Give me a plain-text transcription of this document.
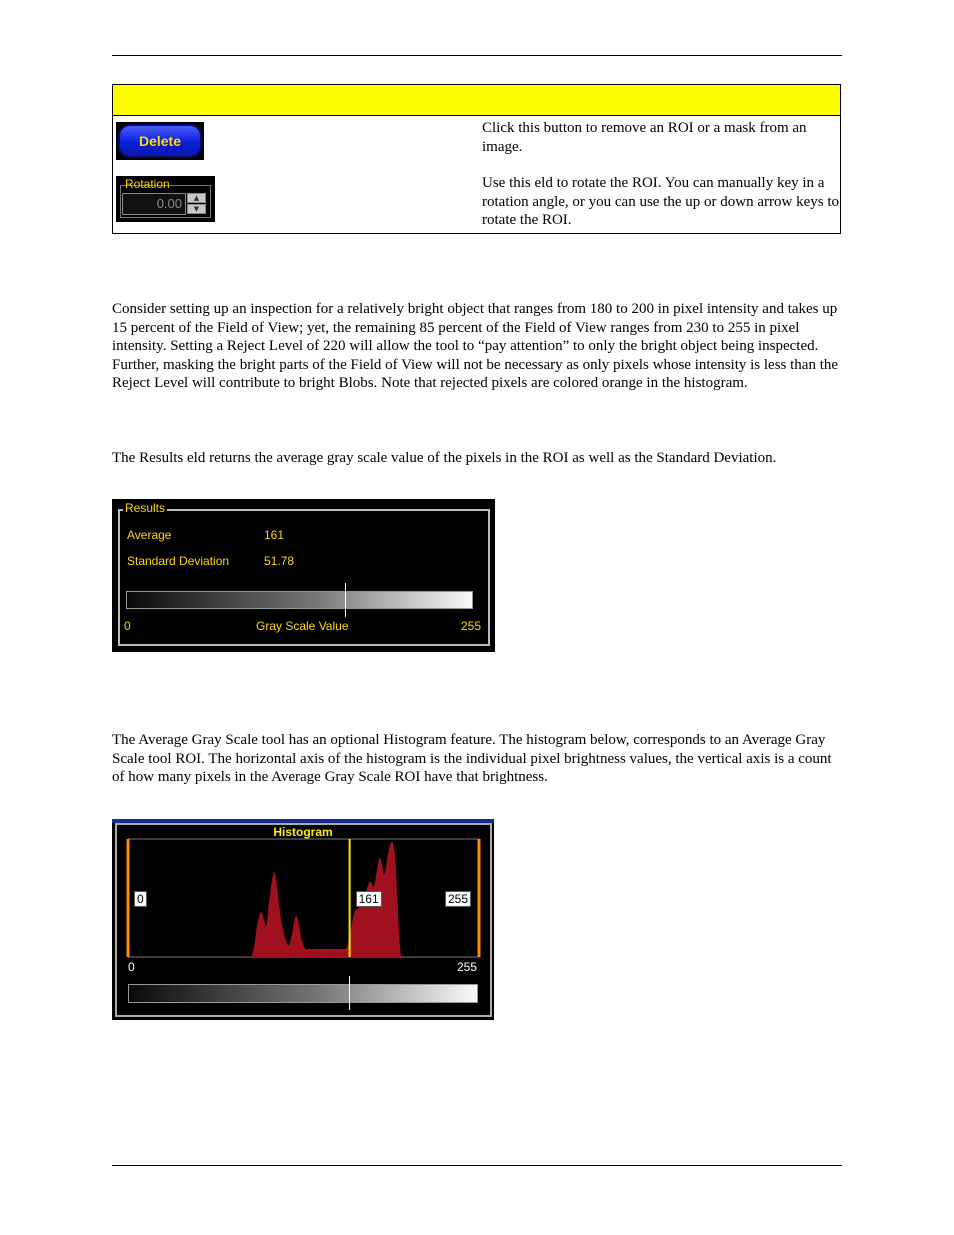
Delete
Click this button to remove an ROI or a mask from an image.
Rotation
0.00	▲
▼
Use this eld to rotate the ROI. You can manually key in a rotation angle, or you can use the up or down arrow keys to rotate the ROI.
Consider setting up an inspection for a relatively bright object that ranges from 180 to 200 in pixel intensity and takes up 15 percent of the Field of View; yet, the remaining 85 percent of the Field of View ranges from 230 to 255 in pixel intensity. Setting a Reject Level of 220 will allow the tool to “pay attention” to only the bright object being inspected. Further, masking the bright parts of the Field of View will not be necessary as only pixels whose intensity is less than the Reject Level will contribute to bright Blobs. Note that rejected pixels are colored orange in the histogram.
The Results eld returns the average gray scale value of the pixels in the ROI as well as the Standard Deviation.
Results
Average	161
Standard Deviation	51.78
0	Gray Scale Value	255
The Average Gray Scale tool has an optional Histogram feature. The histogram below, corresponds to an Average Gray Scale tool ROI. The horizontal axis of the histogram is the individual pixel brightness values, the vertical axis is a count of how many pixels in the Average Gray Scale ROI have that brightness.
Histogram
0	161	255
0	255
